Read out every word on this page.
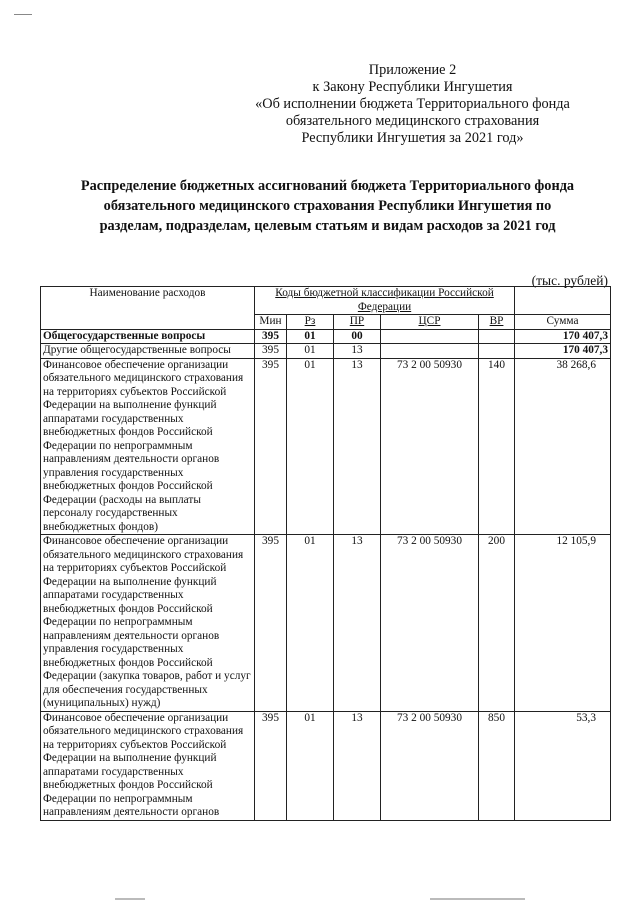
Приложение 2
к Закону Республики Ингушетия
«Об исполнении бюджета Территориального фонда
обязательного медицинского страхования
Республики Ингушетия за 2021 год»
Распределение бюджетных ассигнований бюджета Территориального фонда
обязательного медицинского страхования Республики Ингушетия по
разделам, подразделам, целевым статьям и видам расходов за 2021 год
(тыс. рублей)
Наименование расходов	Коды бюджетной классификации Российской Федерации					
	Мин	Рз	ПР	ЦСР	ВР	Сумма
Общегосударственные вопросы	395	01	00			170 407,3
Другие общегосударственные вопросы	395	01	13			170 407,3
Финансовое обеспечение организации обязательного медицинского страхования на территориях субъектов Российской Федерации на выполнение функций аппаратами государственных внебюджетных фондов Российской Федерации по непрограммным направлениям деятельности органов управления государственных внебюджетных фондов Российской Федерации (расходы на выплаты персоналу государственных внебюджетных фондов)	395	01	13	73 2 00 50930	140	38 268,6
Финансовое обеспечение организации обязательного медицинского страхования на территориях субъектов Российской Федерации на выполнение функций аппаратами государственных внебюджетных фондов Российской Федерации по непрограммным направлениям деятельности органов управления государственных внебюджетных фондов Российской Федерации (закупка товаров, работ и услуг для обеспечения государственных (муниципальных) нужд)	395	01	13	73 2 00 50930	200	12 105,9
Финансовое обеспечение организации обязательного медицинского страхования на территориях субъектов Российской Федерации на выполнение функций аппаратами государственных внебюджетных фондов Российской Федерации по непрограммным направлениям деятельности органов	395	01	13	73 2 00 50930	850	53,3
